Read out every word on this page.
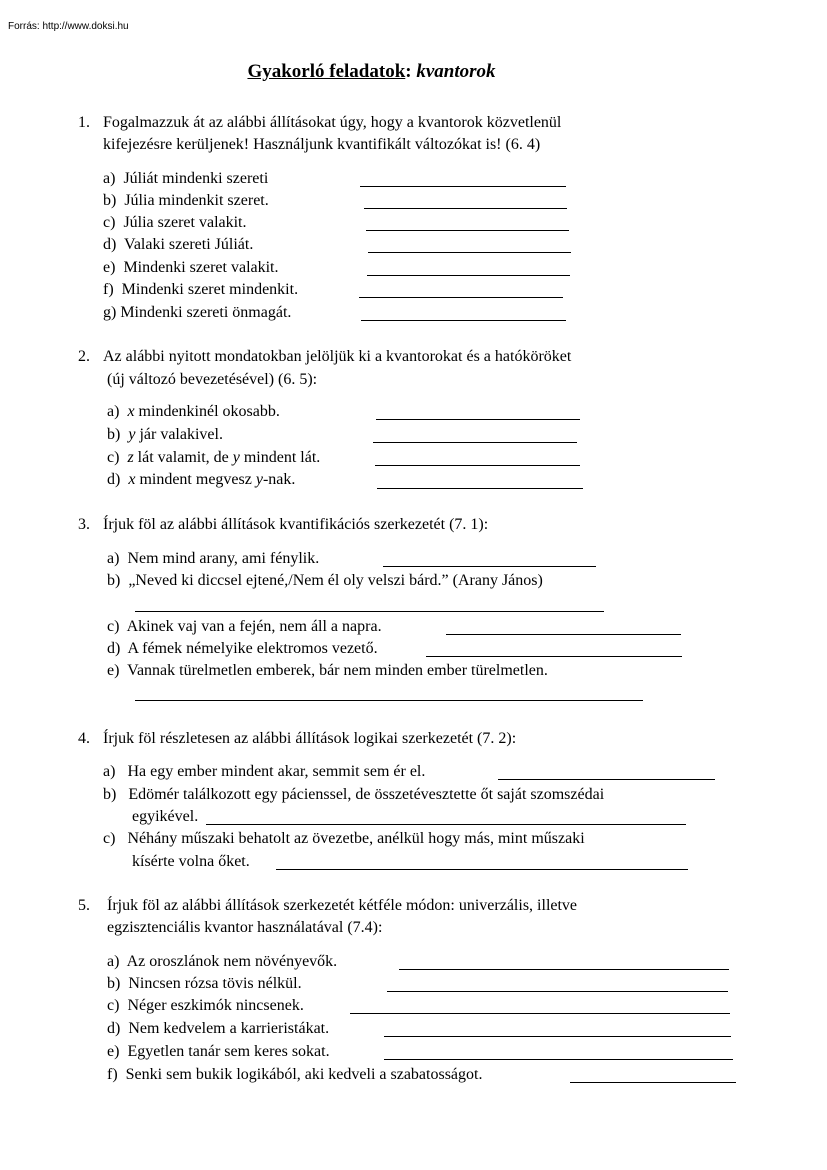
Forrás: http://www.doksi.hu
Gyakorló feladatok: kvantorok
1. Fogalmazzuk át az alábbi állításokat úgy, hogy a kvantorok közvetlenül
kifejezésre kerüljenek! Használjunk kvantifikált változókat is! (6. 4)
a) Júliát mindenki szereti
b) Júlia mindenkit szeret.
c) Júlia szeret valakit.
d) Valaki szereti Júliát.
e) Mindenki szeret valakit.
f) Mindenki szeret mindenkit.
g) Mindenki szereti önmagát.
2. Az alábbi nyitott mondatokban jelöljük ki a kvantorokat és a hatóköröket
(új változó bevezetésével) (6. 5):
a) x mindenkinél okosabb.
b) y jár valakivel.
c) z lát valamit, de y mindent lát.
d) x mindent megvesz y-nak.
3. Írjuk föl az alábbi állítások kvantifikációs szerkezetét (7. 1):
a) Nem mind arany, ami fénylik.
b) „Neved ki diccsel ejtené,/Nem él oly velszi bárd.” (Arany János)
c) Akinek vaj van a fején, nem áll a napra.
d) A fémek némelyike elektromos vezető.
e) Vannak türelmetlen emberek, bár nem minden ember türelmetlen.
4. Írjuk föl részletesen az alábbi állítások logikai szerkezetét (7. 2):
a) Ha egy ember mindent akar, semmit sem ér el.
b) Edömér találkozott egy pácienssel, de összetévesztette őt saját szomszédai
egyikével.
c) Néhány műszaki behatolt az övezetbe, anélkül hogy más, mint műszaki
kísérte volna őket.
5. Írjuk föl az alábbi állítások szerkezetét kétféle módon: univerzális, illetve
egzisztenciális kvantor használatával (7.4):
a) Az oroszlánok nem növényevők.
b) Nincsen rózsa tövis nélkül.
c) Néger eszkimók nincsenek.
d) Nem kedvelem a karrieristákat.
e) Egyetlen tanár sem keres sokat.
f) Senki sem bukik logikából, aki kedveli a szabatosságot.
